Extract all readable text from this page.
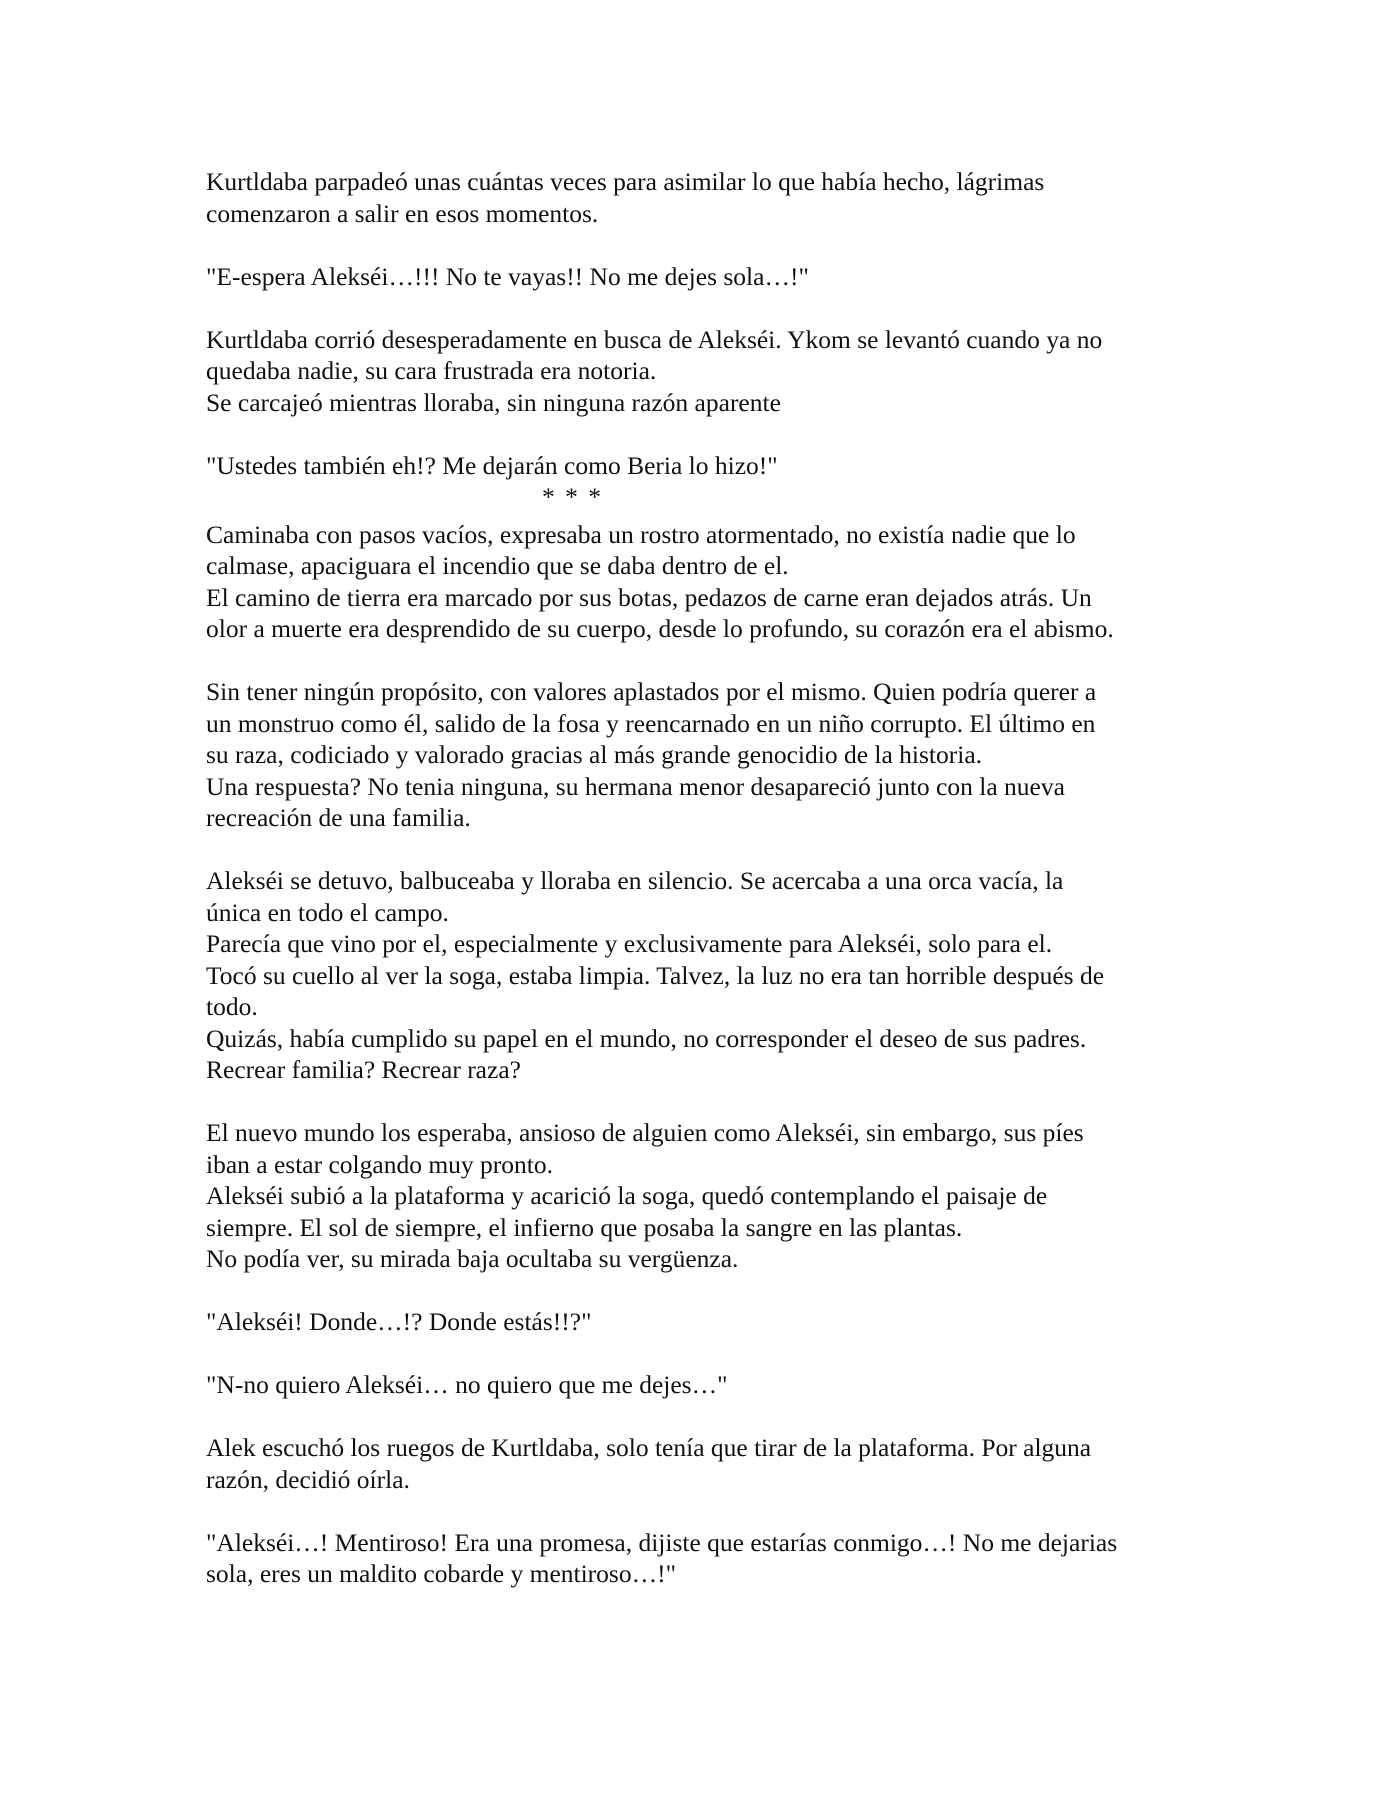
Kurtldaba parpadeó unas cuántas veces para asimilar lo que había hecho, lágrimas
comenzaron a salir en esos momentos.

"E-espera Alekséi…!!! No te vayas!! No me dejes sola…!"

Kurtldaba corrió desesperadamente en busca de Alekséi. Ykom se levantó cuando ya no
quedaba nadie, su cara frustrada era notoria.
Se carcajeó mientras lloraba, sin ninguna razón aparente

"Ustedes también eh!? Me dejarán como Beria lo hizo!"

* * *

Caminaba con pasos vacíos, expresaba un rostro atormentado, no existía nadie que lo
calmase, apaciguara el incendio que se daba dentro de el.
El camino de tierra era marcado por sus botas, pedazos de carne eran dejados atrás. Un
olor a muerte era desprendido de su cuerpo, desde lo profundo, su corazón era el abismo.

Sin tener ningún propósito, con valores aplastados por el mismo. Quien podría querer a
un monstruo como él, salido de la fosa y reencarnado en un niño corrupto. El último en
su raza, codiciado y valorado gracias al más grande genocidio de la historia.
Una respuesta? No tenia ninguna, su hermana menor desapareció junto con la nueva
recreación de una familia.

Alekséi se detuvo, balbuceaba y lloraba en silencio. Se acercaba a una orca vacía, la
única en todo el campo.
Parecía que vino por el, especialmente y exclusivamente para Alekséi, solo para el.
Tocó su cuello al ver la soga, estaba limpia. Talvez, la luz no era tan horrible después de
todo.
Quizás, había cumplido su papel en el mundo, no corresponder el deseo de sus padres.
Recrear familia? Recrear raza?

El nuevo mundo los esperaba, ansioso de alguien como Alekséi, sin embargo, sus píes
iban a estar colgando muy pronto.
Alekséi subió a la plataforma y acarició la soga, quedó contemplando el paisaje de
siempre. El sol de siempre, el infierno que posaba la sangre en las plantas.
No podía ver, su mirada baja ocultaba su vergüenza.

"Alekséi! Donde…!? Donde estás!!?"

"N-no quiero Alekséi… no quiero que me dejes…"

Alek escuchó los ruegos de Kurtldaba, solo tenía que tirar de la plataforma. Por alguna
razón, decidió oírla.

"Alekséi…! Mentiroso! Era una promesa, dijiste que estarías conmigo…! No me dejarias
sola, eres un maldito cobarde y mentiroso…!"
